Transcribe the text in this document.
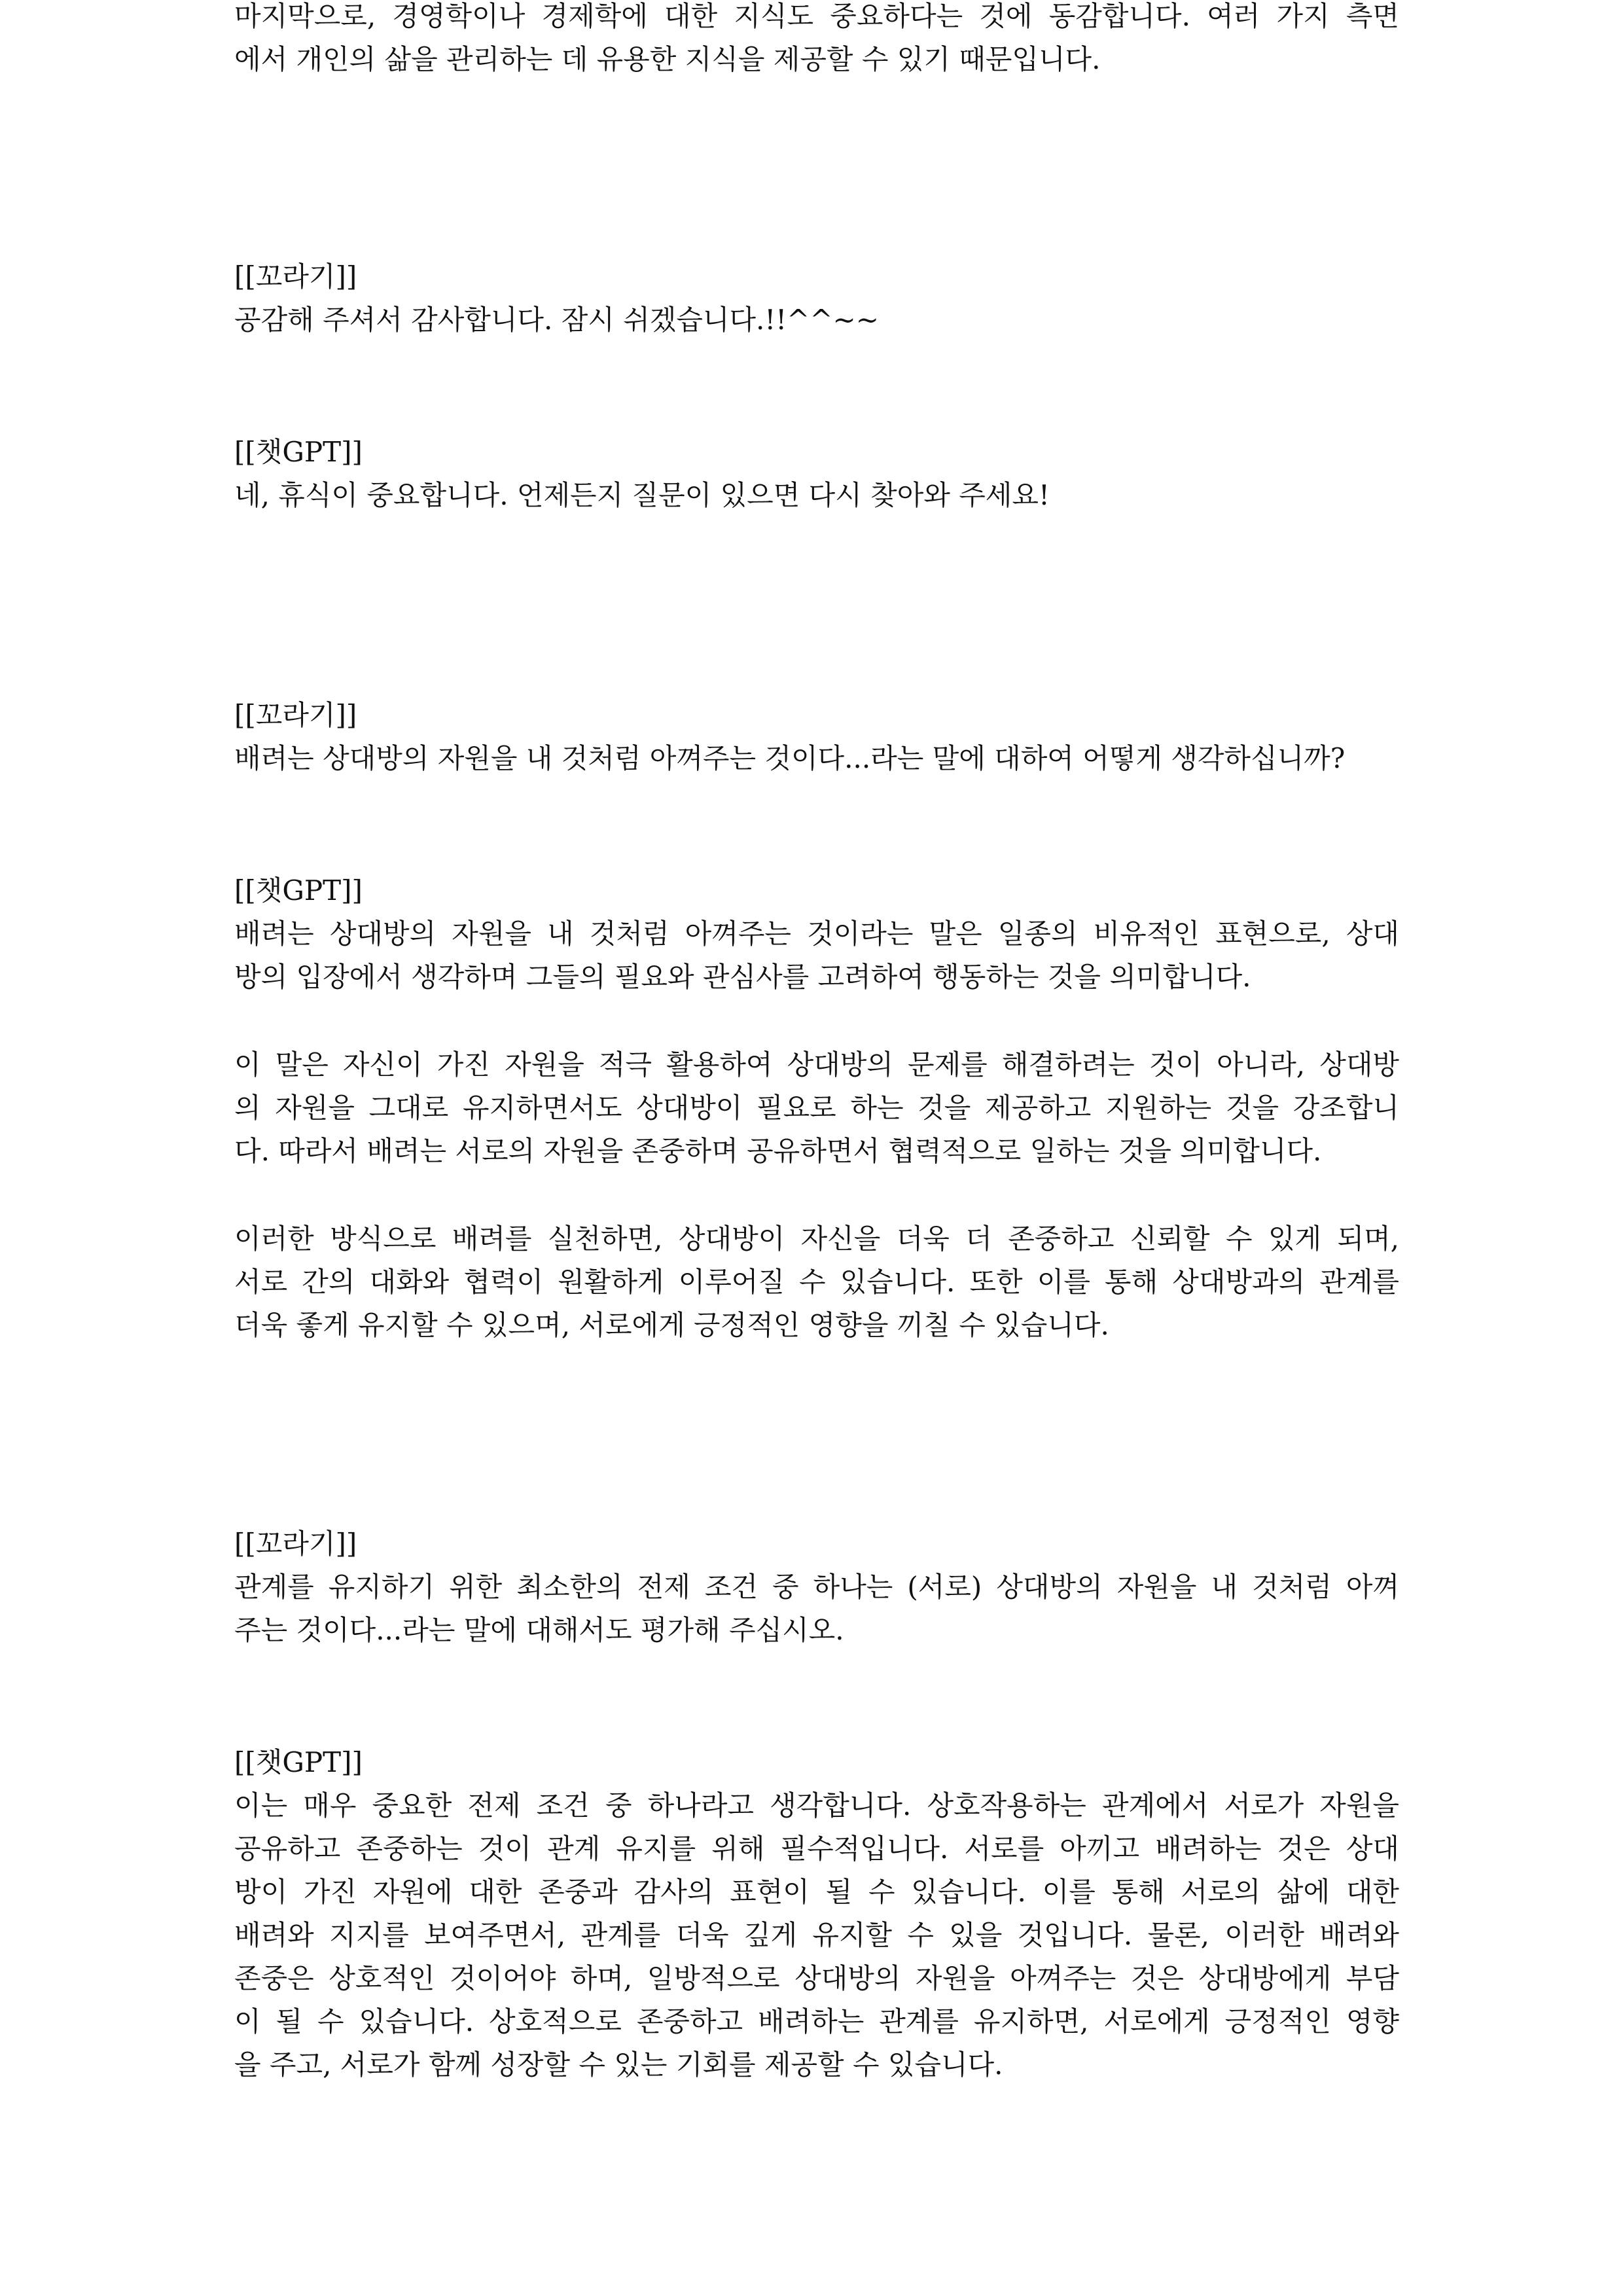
마지막으로, 경영학이나 경제학에 대한 지식도 중요하다는 것에 동감합니다. 여러 가지 측면
에서 개인의 삶을 관리하는 데 유용한 지식을 제공할 수 있기 때문입니다.
[[꼬라기]]
공감해 주셔서 감사합니다. 잠시 쉬겠습니다.!!^^~~
[[챗GPT]]
네, 휴식이 중요합니다. 언제든지 질문이 있으면 다시 찾아와 주세요!
[[꼬라기]]
배려는 상대방의 자원을 내 것처럼 아껴주는 것이다...라는 말에 대하여 어떻게 생각하십니까?
[[챗GPT]]
배려는 상대방의 자원을 내 것처럼 아껴주는 것이라는 말은 일종의 비유적인 표현으로, 상대
방의 입장에서 생각하며 그들의 필요와 관심사를 고려하여 행동하는 것을 의미합니다.
이 말은 자신이 가진 자원을 적극 활용하여 상대방의 문제를 해결하려는 것이 아니라, 상대방
의 자원을 그대로 유지하면서도 상대방이 필요로 하는 것을 제공하고 지원하는 것을 강조합니
다. 따라서 배려는 서로의 자원을 존중하며 공유하면서 협력적으로 일하는 것을 의미합니다.
이러한 방식으로 배려를 실천하면, 상대방이 자신을 더욱 더 존중하고 신뢰할 수 있게 되며,
서로 간의 대화와 협력이 원활하게 이루어질 수 있습니다. 또한 이를 통해 상대방과의 관계를
더욱 좋게 유지할 수 있으며, 서로에게 긍정적인 영향을 끼칠 수 있습니다.
[[꼬라기]]
관계를 유지하기 위한 최소한의 전제 조건 중 하나는 (서로) 상대방의 자원을 내 것처럼 아껴
주는 것이다...라는 말에 대해서도 평가해 주십시오.
[[챗GPT]]
이는 매우 중요한 전제 조건 중 하나라고 생각합니다. 상호작용하는 관계에서 서로가 자원을
공유하고 존중하는 것이 관계 유지를 위해 필수적입니다. 서로를 아끼고 배려하는 것은 상대
방이 가진 자원에 대한 존중과 감사의 표현이 될 수 있습니다. 이를 통해 서로의 삶에 대한
배려와 지지를 보여주면서, 관계를 더욱 깊게 유지할 수 있을 것입니다. 물론, 이러한 배려와
존중은 상호적인 것이어야 하며, 일방적으로 상대방의 자원을 아껴주는 것은 상대방에게 부담
이 될 수 있습니다. 상호적으로 존중하고 배려하는 관계를 유지하면, 서로에게 긍정적인 영향
을 주고, 서로가 함께 성장할 수 있는 기회를 제공할 수 있습니다.
